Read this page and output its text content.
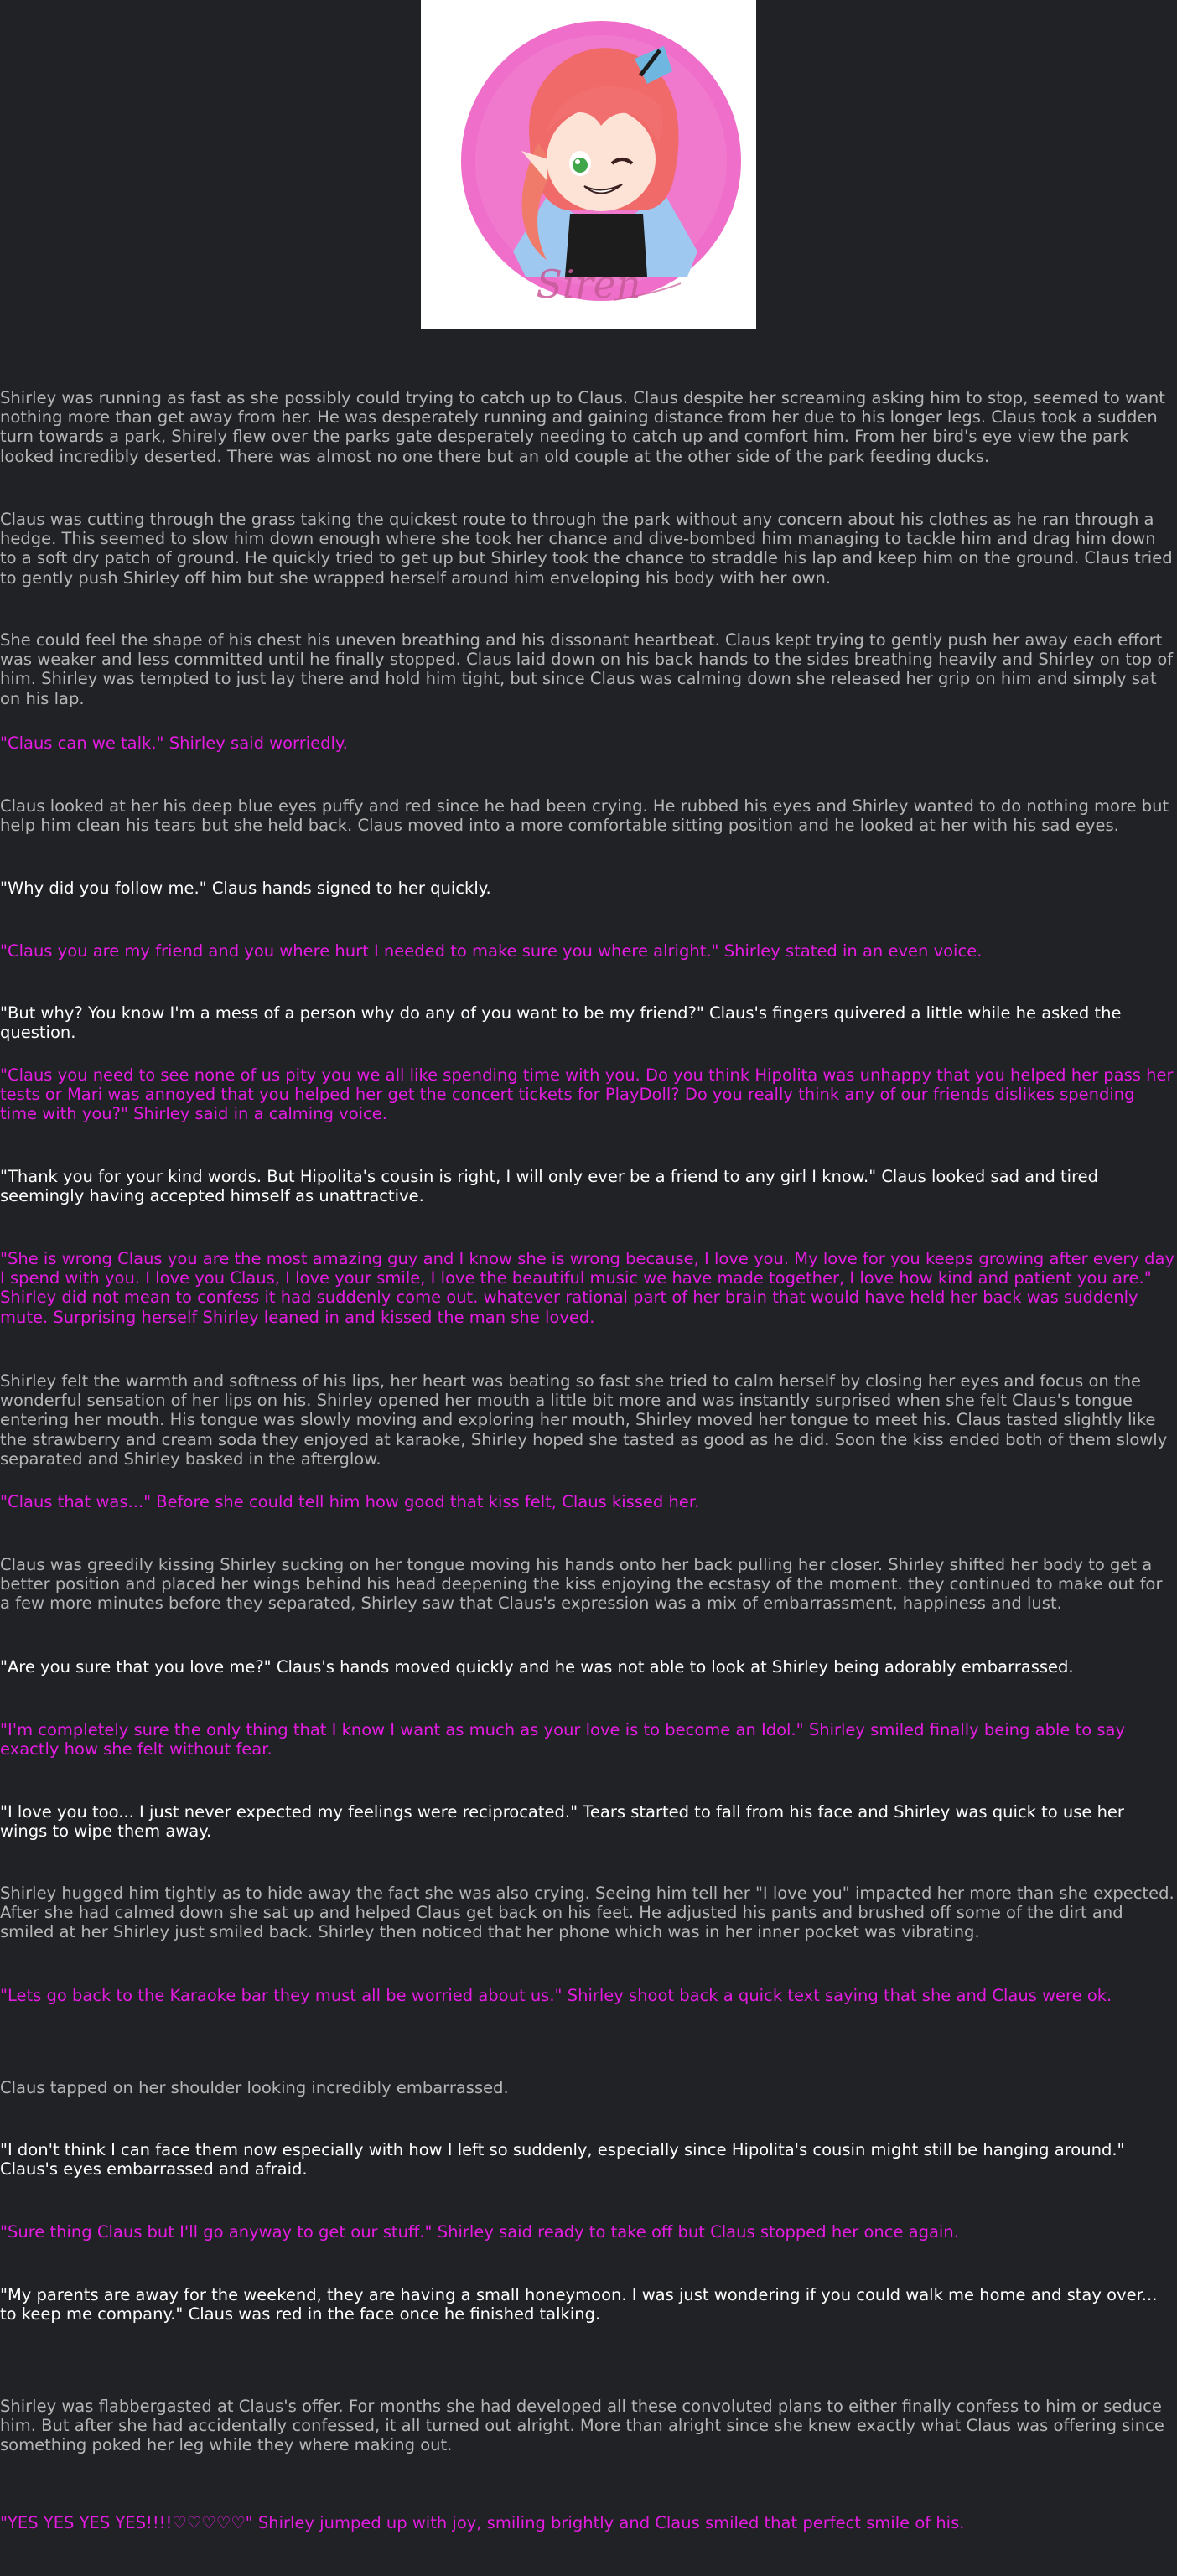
Siren

Shirley was running as fast as she possibly could trying to catch up to Claus. Claus despite her screaming asking him to stop, seemed to want nothing more than get away from her. He was desperately running and gaining distance from her due to his longer legs. Claus took a sudden turn towards a park, Shirely flew over the parks gate desperately needing to catch up and comfort him. From her bird's eye view the park looked incredibly deserted. There was almost no one there but an old couple at the other side of the park feeding ducks.

Claus was cutting through the grass taking the quickest route to through the park without any concern about his clothes as he ran through a hedge. This seemed to slow him down enough where she took her chance and dive-bombed him managing to tackle him and drag him down to a soft dry patch of ground. He quickly tried to get up but Shirley took the chance to straddle his lap and keep him on the ground. Claus tried to gently push Shirley off him but she wrapped herself around him enveloping his body with her own.

She could feel the shape of his chest his uneven breathing and his dissonant heartbeat. Claus kept trying to gently push her away each effort was weaker and less committed until he finally stopped. Claus laid down on his back hands to the sides breathing heavily and Shirley on top of him. Shirley was tempted to just lay there and hold him tight, but since Claus was calming down she released her grip on him and simply sat on his lap.

"Claus can we talk." Shirley said worriedly.

Claus looked at her his deep blue eyes puffy and red since he had been crying. He rubbed his eyes and Shirley wanted to do nothing more but help him clean his tears but she held back. Claus moved into a more comfortable sitting position and he looked at her with his sad eyes.

"Why did you follow me." Claus hands signed to her quickly.

"Claus you are my friend and you where hurt I needed to make sure you where alright." Shirley stated in an even voice.

"But why? You know I'm a mess of a person why do any of you want to be my friend?" Claus's fingers quivered a little while he asked the question.

"Claus you need to see none of us pity you we all like spending time with you. Do you think Hipolita was unhappy that you helped her pass her tests or Mari was annoyed that you helped her get the concert tickets for PlayDoll? Do you really think any of our friends dislikes spending time with you?" Shirley said in a calming voice.

"Thank you for your kind words. But Hipolita's cousin is right, I will only ever be a friend to any girl I know." Claus looked sad and tired seemingly having accepted himself as unattractive.

"She is wrong Claus you are the most amazing guy and I know she is wrong because, I love you. My love for you keeps growing after every day I spend with you. I love you Claus, I love your smile, I love the beautiful music we have made together, I love how kind and patient you are." Shirley did not mean to confess it had suddenly come out. whatever rational part of her brain that would have held her back was suddenly mute. Surprising herself Shirley leaned in and kissed the man she loved.

Shirley felt the warmth and softness of his lips, her heart was beating so fast she tried to calm herself by closing her eyes and focus on the wonderful sensation of her lips on his. Shirley opened her mouth a little bit more and was instantly surprised when she felt Claus's tongue entering her mouth. His tongue was slowly moving and exploring her mouth, Shirley moved her tongue to meet his. Claus tasted slightly like the strawberry and cream soda they enjoyed at karaoke, Shirley hoped she tasted as good as he did. Soon the kiss ended both of them slowly separated and Shirley basked in the afterglow.

"Claus that was..." Before she could tell him how good that kiss felt, Claus kissed her.

Claus was greedily kissing Shirley sucking on her tongue moving his hands onto her back pulling her closer. Shirley shifted her body to get a better position and placed her wings behind his head deepening the kiss enjoying the ecstasy of the moment. they continued to make out for a few more minutes before they separated, Shirley saw that Claus's expression was a mix of embarrassment, happiness and lust.

"Are you sure that you love me?" Claus's hands moved quickly and he was not able to look at Shirley being adorably embarrassed.

"I'm completely sure the only thing that I know I want as much as your love is to become an Idol." Shirley smiled finally being able to say exactly how she felt without fear.

"I love you too... I just never expected my feelings were reciprocated." Tears started to fall from his face and Shirley was quick to use her wings to wipe them away.

Shirley hugged him tightly as to hide away the fact she was also crying. Seeing him tell her "I love you" impacted her more than she expected. After she had calmed down she sat up and helped Claus get back on his feet. He adjusted his pants and brushed off some of the dirt and smiled at her Shirley just smiled back. Shirley then noticed that her phone which was in her inner pocket was vibrating.

"Lets go back to the Karaoke bar they must all be worried about us." Shirley shoot back a quick text saying that she and Claus were ok.

Claus tapped on her shoulder looking incredibly embarrassed.

"I don't think I can face them now especially with how I left so suddenly, especially since Hipolita's cousin might still be hanging around." Claus's eyes embarrassed and afraid.

"Sure thing Claus but I'll go anyway to get our stuff." Shirley said ready to take off but Claus stopped her once again.

"My parents are away for the weekend, they are having a small honeymoon. I was just wondering if you could walk me home and stay over... to keep me company." Claus was red in the face once he finished talking.

Shirley was flabbergasted at Claus's offer. For months she had developed all these convoluted plans to either finally confess to him or seduce him. But after she had accidentally confessed, it all turned out alright. More than alright since she knew exactly what Claus was offering since something poked her leg while they where making out.

"YES YES YES YES!!!!♡♡♡♡♡" Shirley jumped up with joy, smiling brightly and Claus smiled that perfect smile of his.
